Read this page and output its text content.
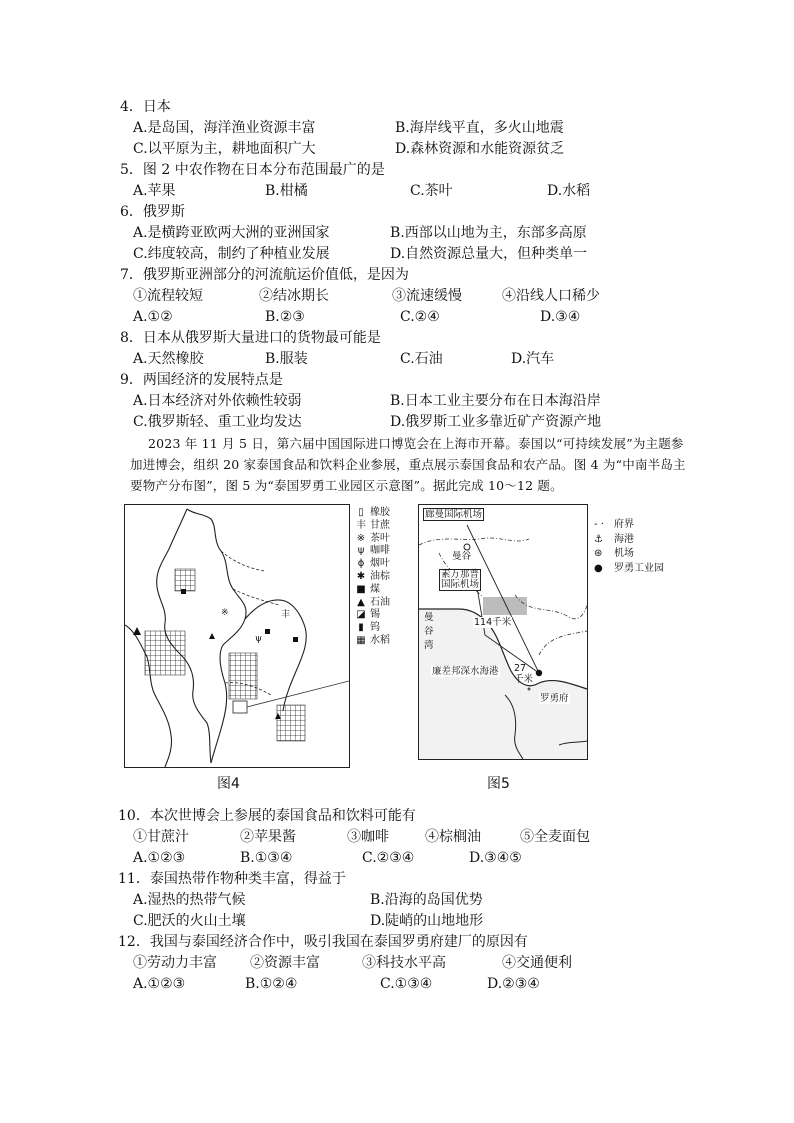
4．日本
A.是岛国，海洋渔业资源丰富	B.海岸线平直，多火山地震
C.以平原为主，耕地面积广大	D.森林资源和水能资源贫乏
5．图 2 中农作物在日本分布范围最广的是
A.苹果	B.柑橘	C.茶叶	D.水稻
6．俄罗斯
A.是横跨亚欧两大洲的亚洲国家	B.西部以山地为主，东部多高原
C.纬度较高，制约了种植业发展	D.自然资源总量大，但种类单一
7．俄罗斯亚洲部分的河流航运价值低，是因为
①流程较短	②结冰期长	③流速缓慢	④沿线人口稀少
A.①②	B.②③	C.②④	D.③④
8．日本从俄罗斯大量进口的货物最可能是
A.天然橡胶	B.服装	C.石油	D.汽车
9．两国经济的发展特点是
A.日本经济对外依赖性较弱	B.日本工业主要分布在日本海沿岸
C.俄罗斯轻、重工业均发达	D.俄罗斯工业多靠近矿产资源产地
2023 年 11 月 5 日，第六届中国国际进口博览会在上海市开幕。泰国以“可持续发展”为主题参加进博会，组织 20 家泰国食品和饮料企业参展，重点展示泰国食品和农产品。图 4 为“中南半岛主要物产分布图”，图 5 为“泰国罗勇工业园区示意图”。据此完成 10～12 题。
※	丰
ψ
▯ 橡胶
丰 甘蔗
※ 茶叶
ψ 咖啡
ϕ 烟叶
✱ 油棕
■ 煤
▲ 石油
◪ 锡
▮ 钨
▦ 水稻
廊曼国际机场
曼谷
素万那普
国际机场
114千米
曼
谷
湾
廉差邦深水海港 27
千米
罗勇府
- · 府界
⚓ 海港
⊛ 机场
● 罗勇工业园
图4	图5
10．本次世博会上参展的泰国食品和饮料可能有
①甘蔗汁	②苹果酱	③咖啡	④棕榈油	⑤全麦面包
A.①②③	B.①③④	C.②③④	D.③④⑤
11．泰国热带作物种类丰富，得益于
A.湿热的热带气候	B.沿海的岛国优势
C.肥沃的火山土壤	D.陡峭的山地地形
12．我国与泰国经济合作中，吸引我国在泰国罗勇府建厂的原因有
①劳动力丰富 ②资源丰富	③科技水平高	④交通便利
A.①②③	B.①②④	C.①③④	D.②③④
